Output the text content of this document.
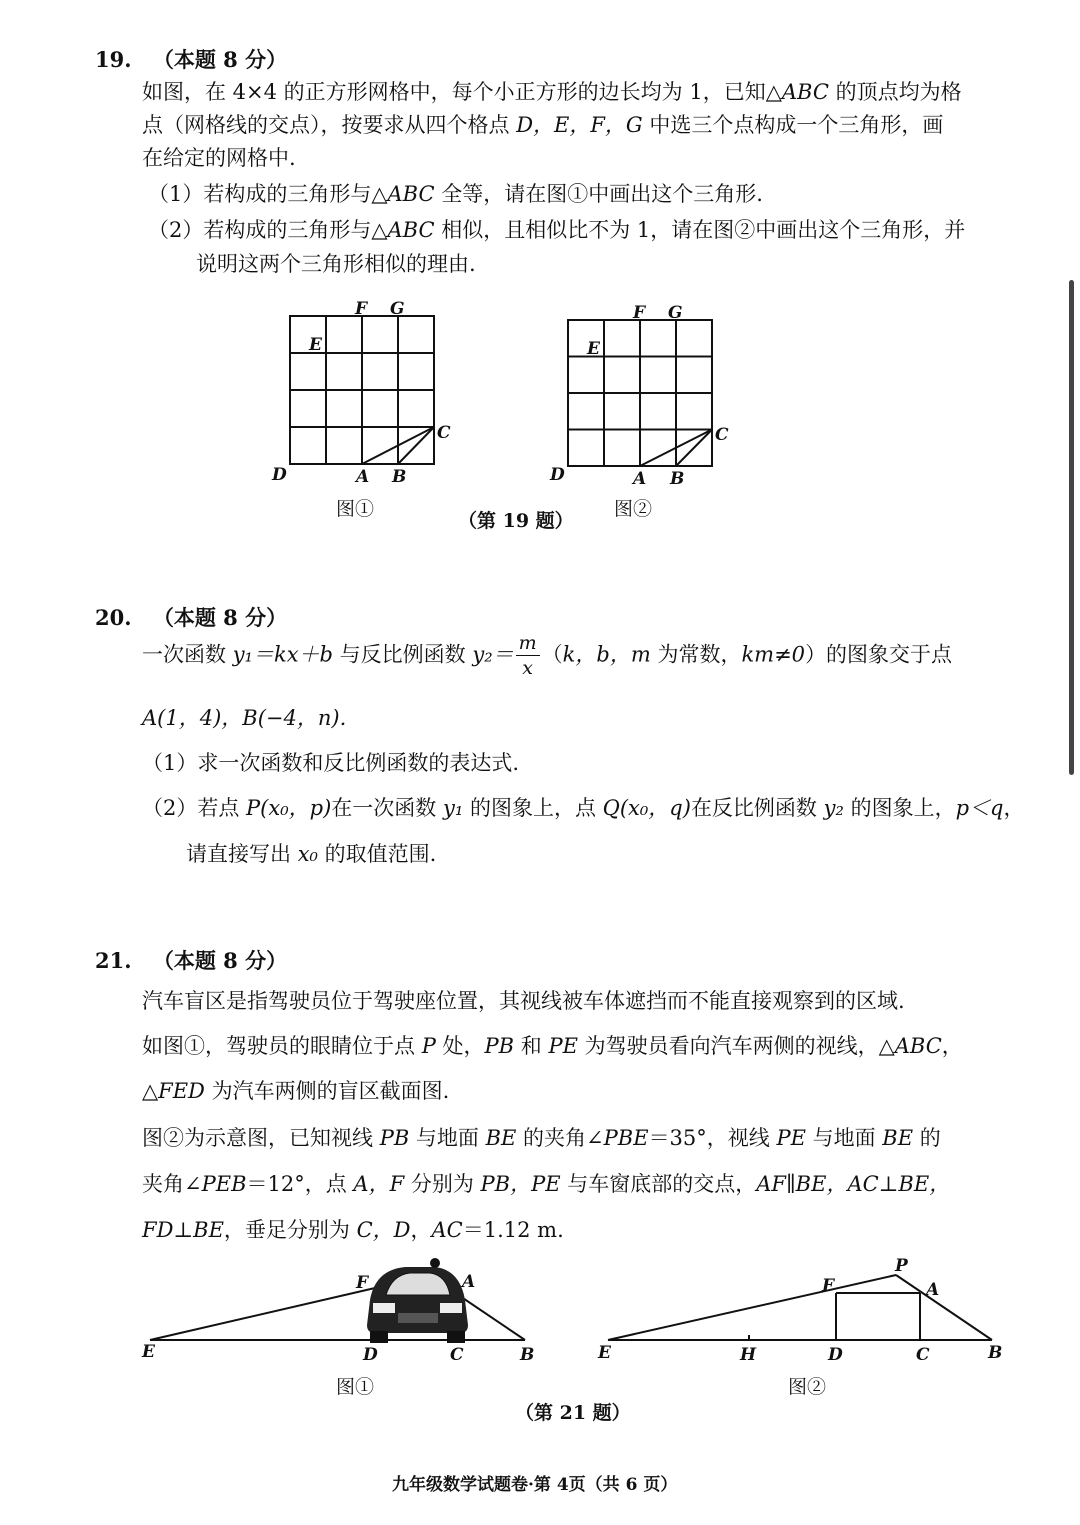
19. （本题 8 分）
如图，在 4×4 的正方形网格中，每个小正方形的边长均为 1，已知△ABC 的顶点均为格
点（网格线的交点），按要求从四个格点 D，E，F，G 中选三个点构成一个三角形，画
在给定的网格中.
（1）若构成的三角形与△ABC 全等，请在图①中画出这个三角形.
（2）若构成的三角形与△ABC 相似，且相似比不为 1，请在图②中画出这个三角形，并
说明这两个三角形相似的理由.
F G
E
C
D	A B
图①
F G
E
C
D	A B
图②
（第 19 题）
20. （本题 8 分）
一次函数 y₁＝kx＋b 与反比例函数 $y_2= \frac{m}{x} (k$，b，m 为常数，km≠0）的图象交于点
A(1，4)，B(−4，n).
（1）求一次函数和反比例函数的表达式.
（2）若点 P(x₀，p)在一次函数 y₁ 的图象上，点 Q(x₀，q)在反比例函数 y₂ 的图象上，p＜q，
请直接写出 x₀ 的取值范围.
21. （本题 8 分）
汽车盲区是指驾驶员位于驾驶座位置，其视线被车体遮挡而不能直接观察到的区域.
如图①，驾驶员的眼睛位于点 P 处，PB 和 PE 为驾驶员看向汽车两侧的视线，△ABC，
△FED 为汽车两侧的盲区截面图.
图②为示意图，已知视线 PB 与地面 BE 的夹角∠PBE＝35°，视线 PE 与地面 BE 的
夹角∠PEB＝12°，点 A，F 分别为 PB，PE 与车窗底部的交点，AF∥BE，AC⊥BE，
FD⊥BE，垂足分别为 C，D，AC＝1.12 m.
F	A
E	D	C	B
图①
P
F	A
E	H	D	C	B
图②
（第 21 题）
九年级数学试题卷·第 4页（共 6 页）
